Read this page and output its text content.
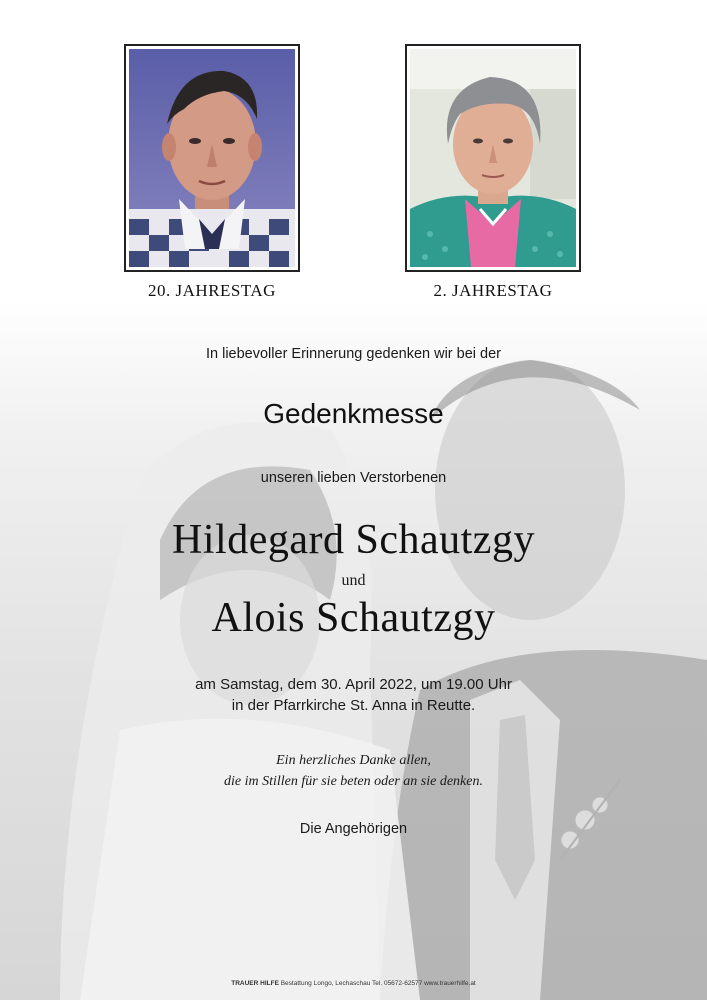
20. JAHRESTAG	2. JAHRESTAG
In liebevoller Erinnerung gedenken wir bei der
Gedenkmesse
unseren lieben Verstorbenen
Hildegard Schautzgy
und
Alois Schautzgy
am Samstag, dem 30. April 2022, um 19.00 Uhr
in der Pfarrkirche St. Anna in Reutte.
Ein herzliches Danke allen,
die im Stillen für sie beten oder an sie denken.
Die Angehörigen
TRAUER HILFE Bestattung Longo, Lechaschau Tel. 05672-62577 www.trauerhilfe.at
